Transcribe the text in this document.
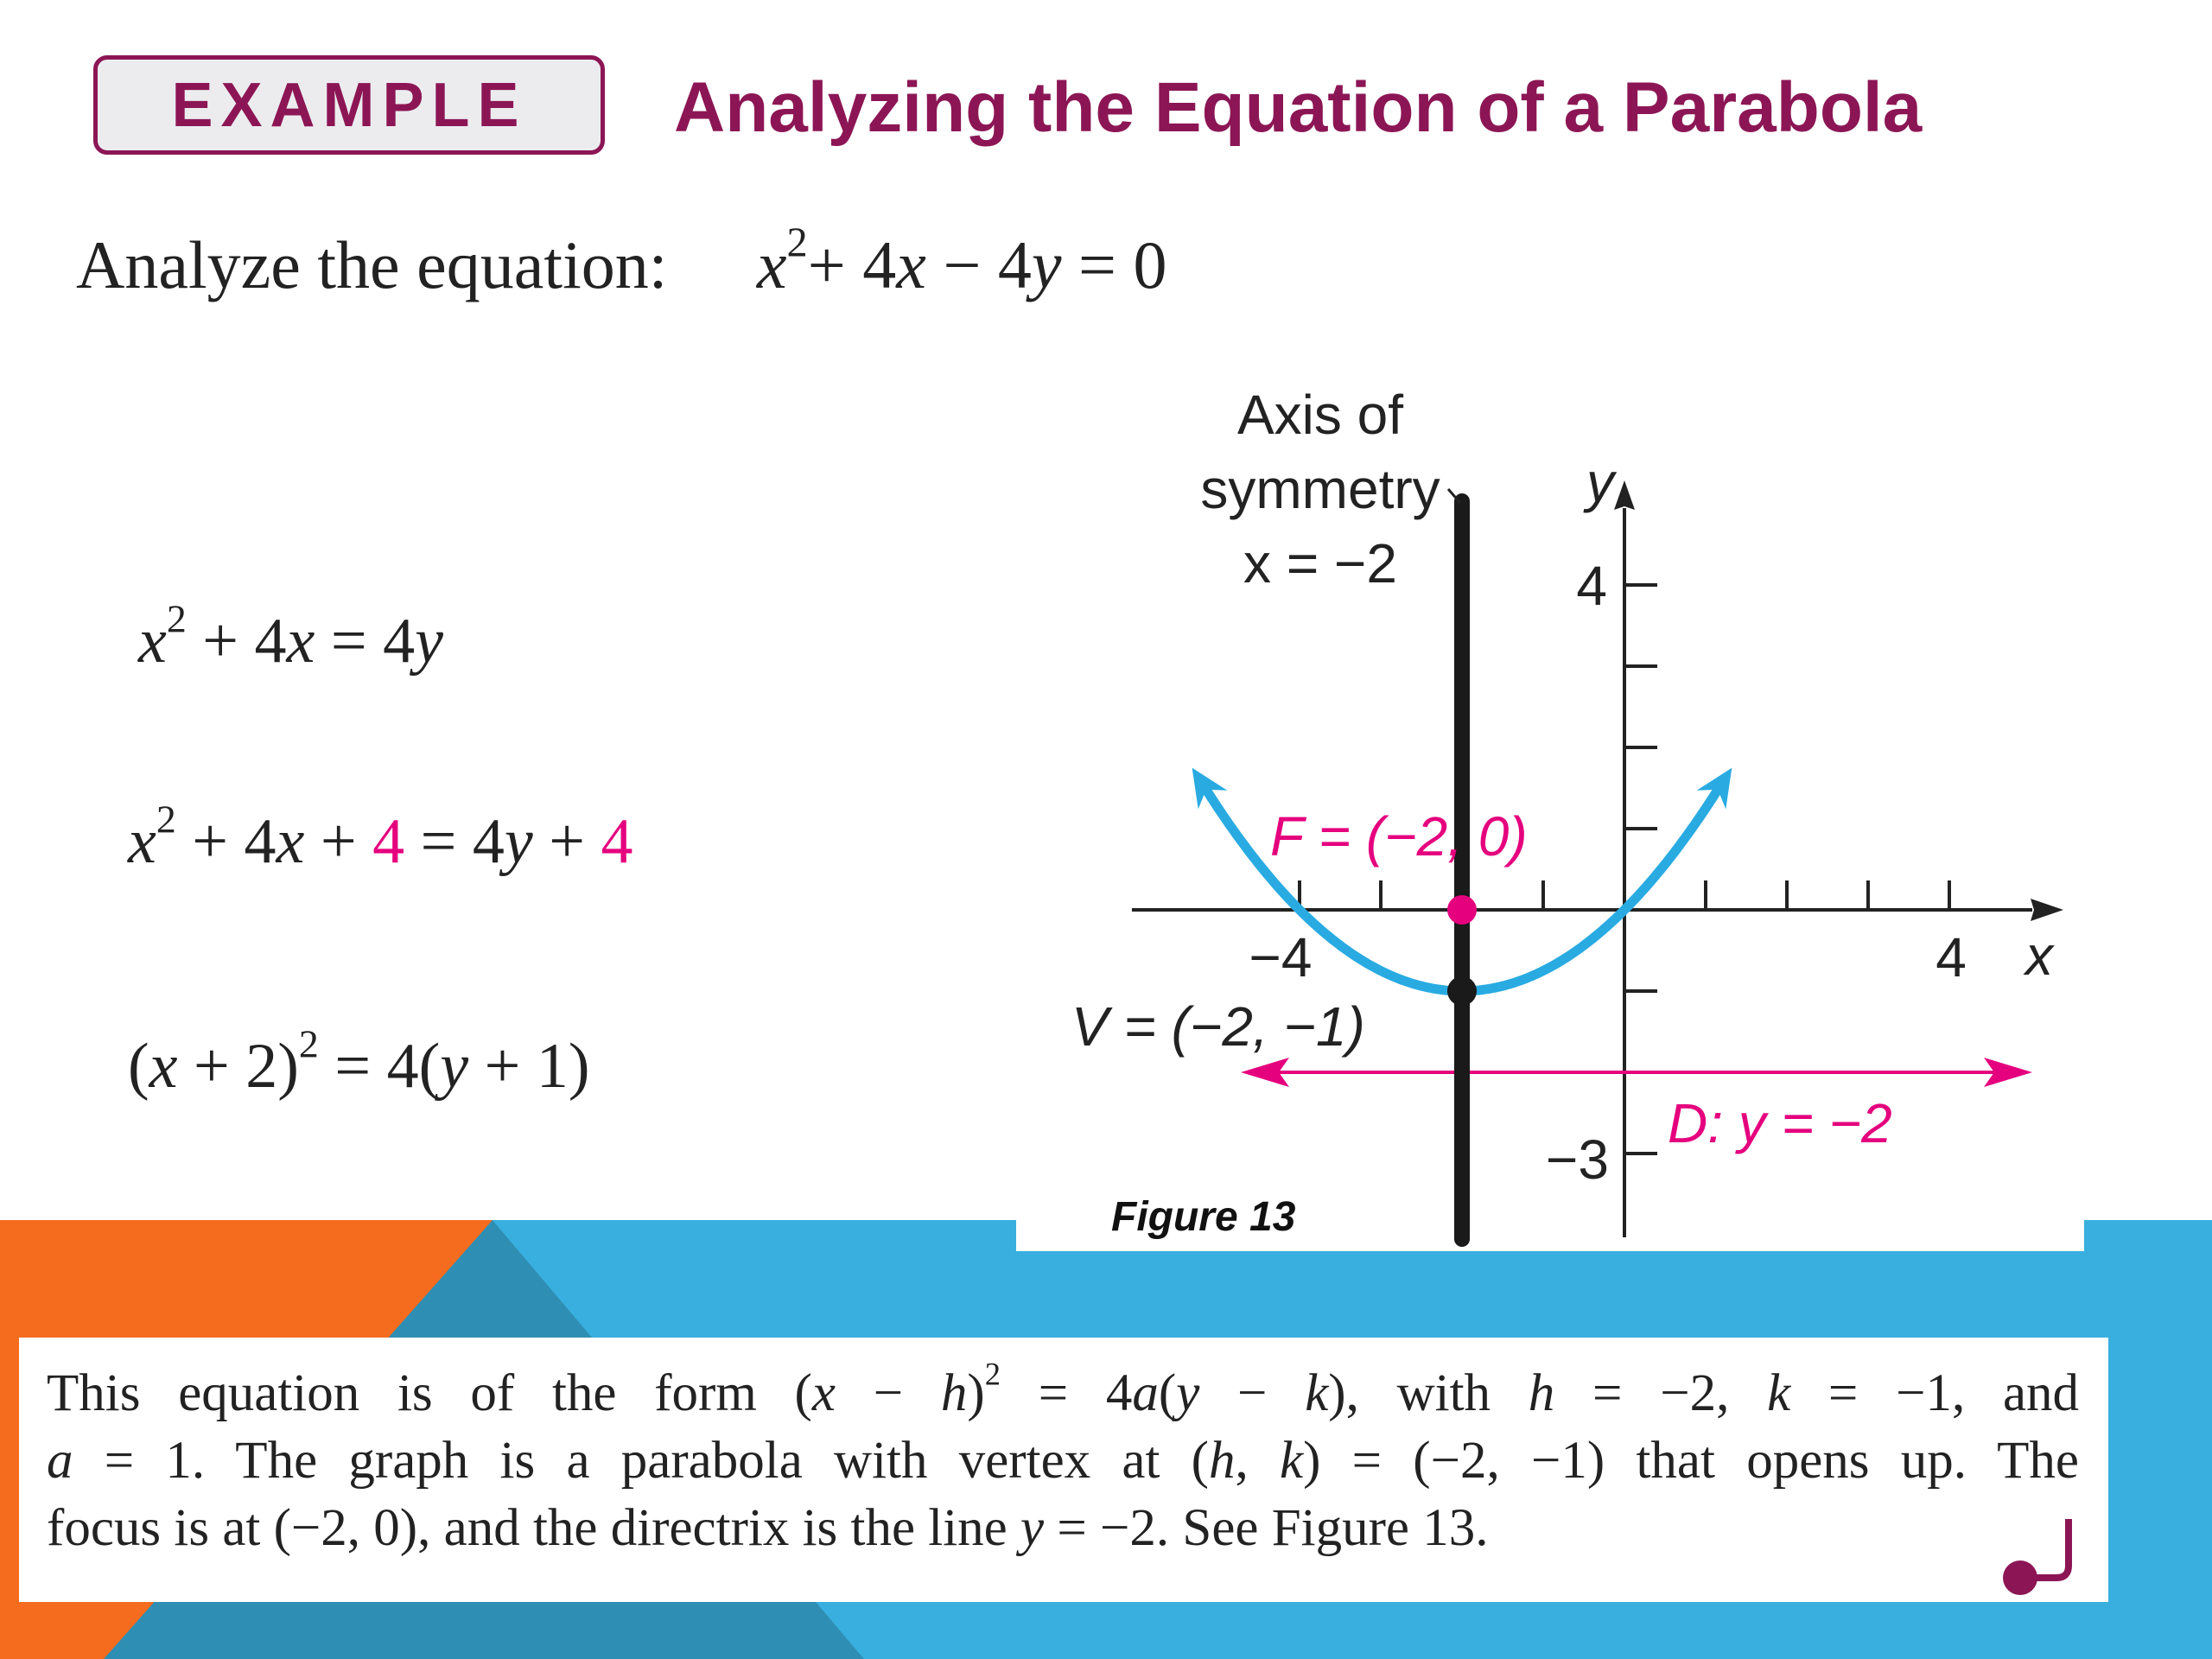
EXAMPLE Analyzing the Equation of a Parabola
Analyze the equation: $x^2+ 4x - 4y = 0$
$x^2 + 4x = 4y$
$x^2 + 4x + 4 = 4y + 4$
$(x + 2)^2 = 4(y + 1)$
Axis of
symmetry
x = −2
y
x
4
−3
−4	4
F = (−2, 0)
V = (−2, −1)
D: y = −2
Figure 13
This equation is of the form $(x - h)^2 = 4a(y - k)$, with h = −2, k = −1, and
a = 1. The graph is a parabola with vertex at (h, k) = (−2, −1) that opens up. The
focus is at (−2, 0), and the directrix is the line y = −2. See Figure 13.
